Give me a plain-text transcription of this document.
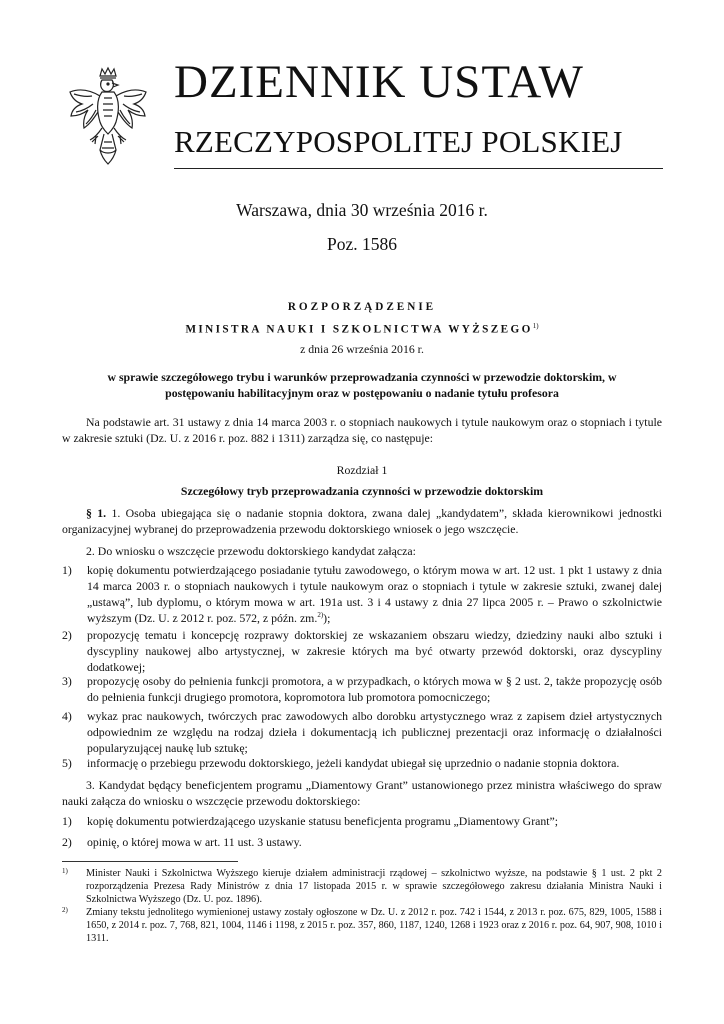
DZIENNIK USTAW
RZECZYPOSPOLITEJ POLSKIEJ
Warszawa, dnia 30 września 2016 r.
Poz. 1586
ROZPORZĄDZENIE
MINISTRA NAUKI I SZKOLNICTWA WYŻSZEGO$^{1)}$
z dnia 26 września 2016 r.
w sprawie szczegółowego trybu i warunków przeprowadzania czynności w przewodzie doktorskim, w postępowaniu habilitacyjnym oraz w postępowaniu o nadanie tytułu profesora
Na podstawie art. 31 ustawy z dnia 14 marca 2003 r. o stopniach naukowych i tytule naukowym oraz o stopniach i tytule w zakresie sztuki (Dz. U. z 2016 r. poz. 882 i 1311) zarządza się, co następuje:
Rozdział 1
Szczegółowy tryb przeprowadzania czynności w przewodzie doktorskim
§ 1. 1. Osoba ubiegająca się o nadanie stopnia doktora, zwana dalej „kandydatem”, składa kierownikowi jednostki organizacyjnej wybranej do przeprowadzenia przewodu doktorskiego wniosek o jego wszczęcie.
2. Do wniosku o wszczęcie przewodu doktorskiego kandydat załącza:
1) kopię dokumentu potwierdzającego posiadanie tytułu zawodowego, o którym mowa w art. 12 ust. 1 pkt 1 ustawy z dnia 14 marca 2003 r. o stopniach naukowych i tytule naukowym oraz o stopniach i tytule w zakresie sztuki, zwanej dalej „ustawą”, lub dyplomu, o którym mowa w art. 191a ust. 3 i 4 ustawy z dnia 27 lipca 2005 r. – Prawo o szkolnictwie wyższym (Dz. U. z 2012 r. poz. 572, z późn. zm.$^{2)}$);
2) propozycję tematu i koncepcję rozprawy doktorskiej ze wskazaniem obszaru wiedzy, dziedziny nauki albo sztuki i dyscypliny naukowej albo artystycznej, w zakresie których ma być otwarty przewód doktorski, oraz dyscypliny dodatkowej;
3) propozycję osoby do pełnienia funkcji promotora, a w przypadkach, o których mowa w § 2 ust. 2, także propozycję osób do pełnienia funkcji drugiego promotora, kopromotora lub promotora pomocniczego;
4) wykaz prac naukowych, twórczych prac zawodowych albo dorobku artystycznego wraz z zapisem dzieł artystycznych odpowiednim ze względu na rodzaj dzieła i dokumentacją ich publicznej prezentacji oraz informację o działalności popularyzującej naukę lub sztukę;
5) informację o przebiegu przewodu doktorskiego, jeżeli kandydat ubiegał się uprzednio o nadanie stopnia doktora.
3. Kandydat będący beneficjentem programu „Diamentowy Grant” ustanowionego przez ministra właściwego do spraw nauki załącza do wniosku o wszczęcie przewodu doktorskiego:
1) kopię dokumentu potwierdzającego uzyskanie statusu beneficjenta programu „Diamentowy Grant”;
2) opinię, o której mowa w art. 11 ust. 3 ustawy.
1) Minister Nauki i Szkolnictwa Wyższego kieruje działem administracji rządowej – szkolnictwo wyższe, na podstawie § 1 ust. 2 pkt 2 rozporządzenia Prezesa Rady Ministrów z dnia 17 listopada 2015 r. w sprawie szczegółowego zakresu działania Ministra Nauki i Szkolnictwa Wyższego (Dz. U. poz. 1896).
2) Zmiany tekstu jednolitego wymienionej ustawy zostały ogłoszone w Dz. U. z 2012 r. poz. 742 i 1544, z 2013 r. poz. 675, 829, 1005, 1588 i 1650, z 2014 r. poz. 7, 768, 821, 1004, 1146 i 1198, z 2015 r. poz. 357, 860, 1187, 1240, 1268 i 1923 oraz z 2016 r. poz. 64, 907, 908, 1010 i 1311.
